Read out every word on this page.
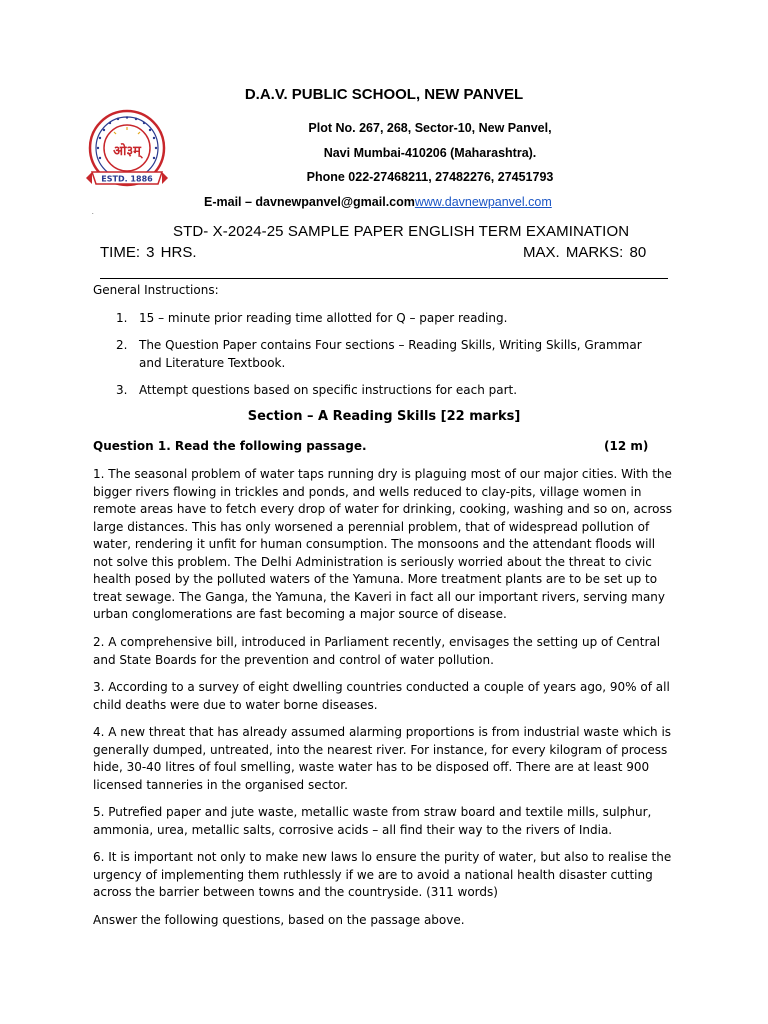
D.A.V. PUBLIC SCHOOL, NEW PANVEL
ओ३म्
ESTD. 1886
Plot No. 267, 268, Sector-10, New Panvel,
Navi Mumbai-410206 (Maharashtra).
Phone 022-27468211, 27482276, 27451793
E-mail – davnewpanvel@gmail.comwww.davnewpanvel.com
.
STD- X-2024-25 SAMPLE PAPER ENGLISH TERM EXAMINATION
TIME: 3 HRS.	MAX. MARKS: 80
General Instructions:
1. 15 – minute prior reading time allotted for Q – paper reading.
2. The Question Paper contains Four sections – Reading Skills, Writing Skills, Grammar and Literature Textbook.
3. Attempt questions based on specific instructions for each part.
Section – A Reading Skills [22 marks]
Question 1. Read the following passage.	(12 m)
1. The seasonal problem of water taps running dry is plaguing most of our major cities. With the bigger rivers flowing in trickles and ponds, and wells reduced to clay-pits, village women in remote areas have to fetch every drop of water for drinking, cooking, washing and so on, across large distances. This has only worsened a perennial problem, that of widespread pollution of water, rendering it unfit for human consumption. The monsoons and the attendant floods will not solve this problem. The Delhi Administration is seriously worried about the threat to civic health posed by the polluted waters of the Yamuna. More treatment plants are to be set up to treat sewage. The Ganga, the Yamuna, the Kaveri in fact all our important rivers, serving many urban conglomerations are fast becoming a major source of disease.
2. A comprehensive bill, introduced in Parliament recently, envisages the setting up of Central and State Boards for the prevention and control of water pollution.
3. According to a survey of eight dwelling countries conducted a couple of years ago, 90% of all child deaths were due to water borne diseases.
4. A new threat that has already assumed alarming proportions is from industrial waste which is generally dumped, untreated, into the nearest river. For instance, for every kilogram of process hide, 30-40 litres of foul smelling, waste water has to be disposed off. There are at least 900 licensed tanneries in the organised sector.
5. Putrefied paper and jute waste, metallic waste from straw board and textile mills, sulphur, ammonia, urea, metallic salts, corrosive acids – all find their way to the rivers of India.
6. It is important not only to make new laws lo ensure the purity of water, but also to realise the urgency of implementing them ruthlessly if we are to avoid a national health disaster cutting across the barrier between towns and the countryside. (311 words)
Answer the following questions, based on the passage above.
